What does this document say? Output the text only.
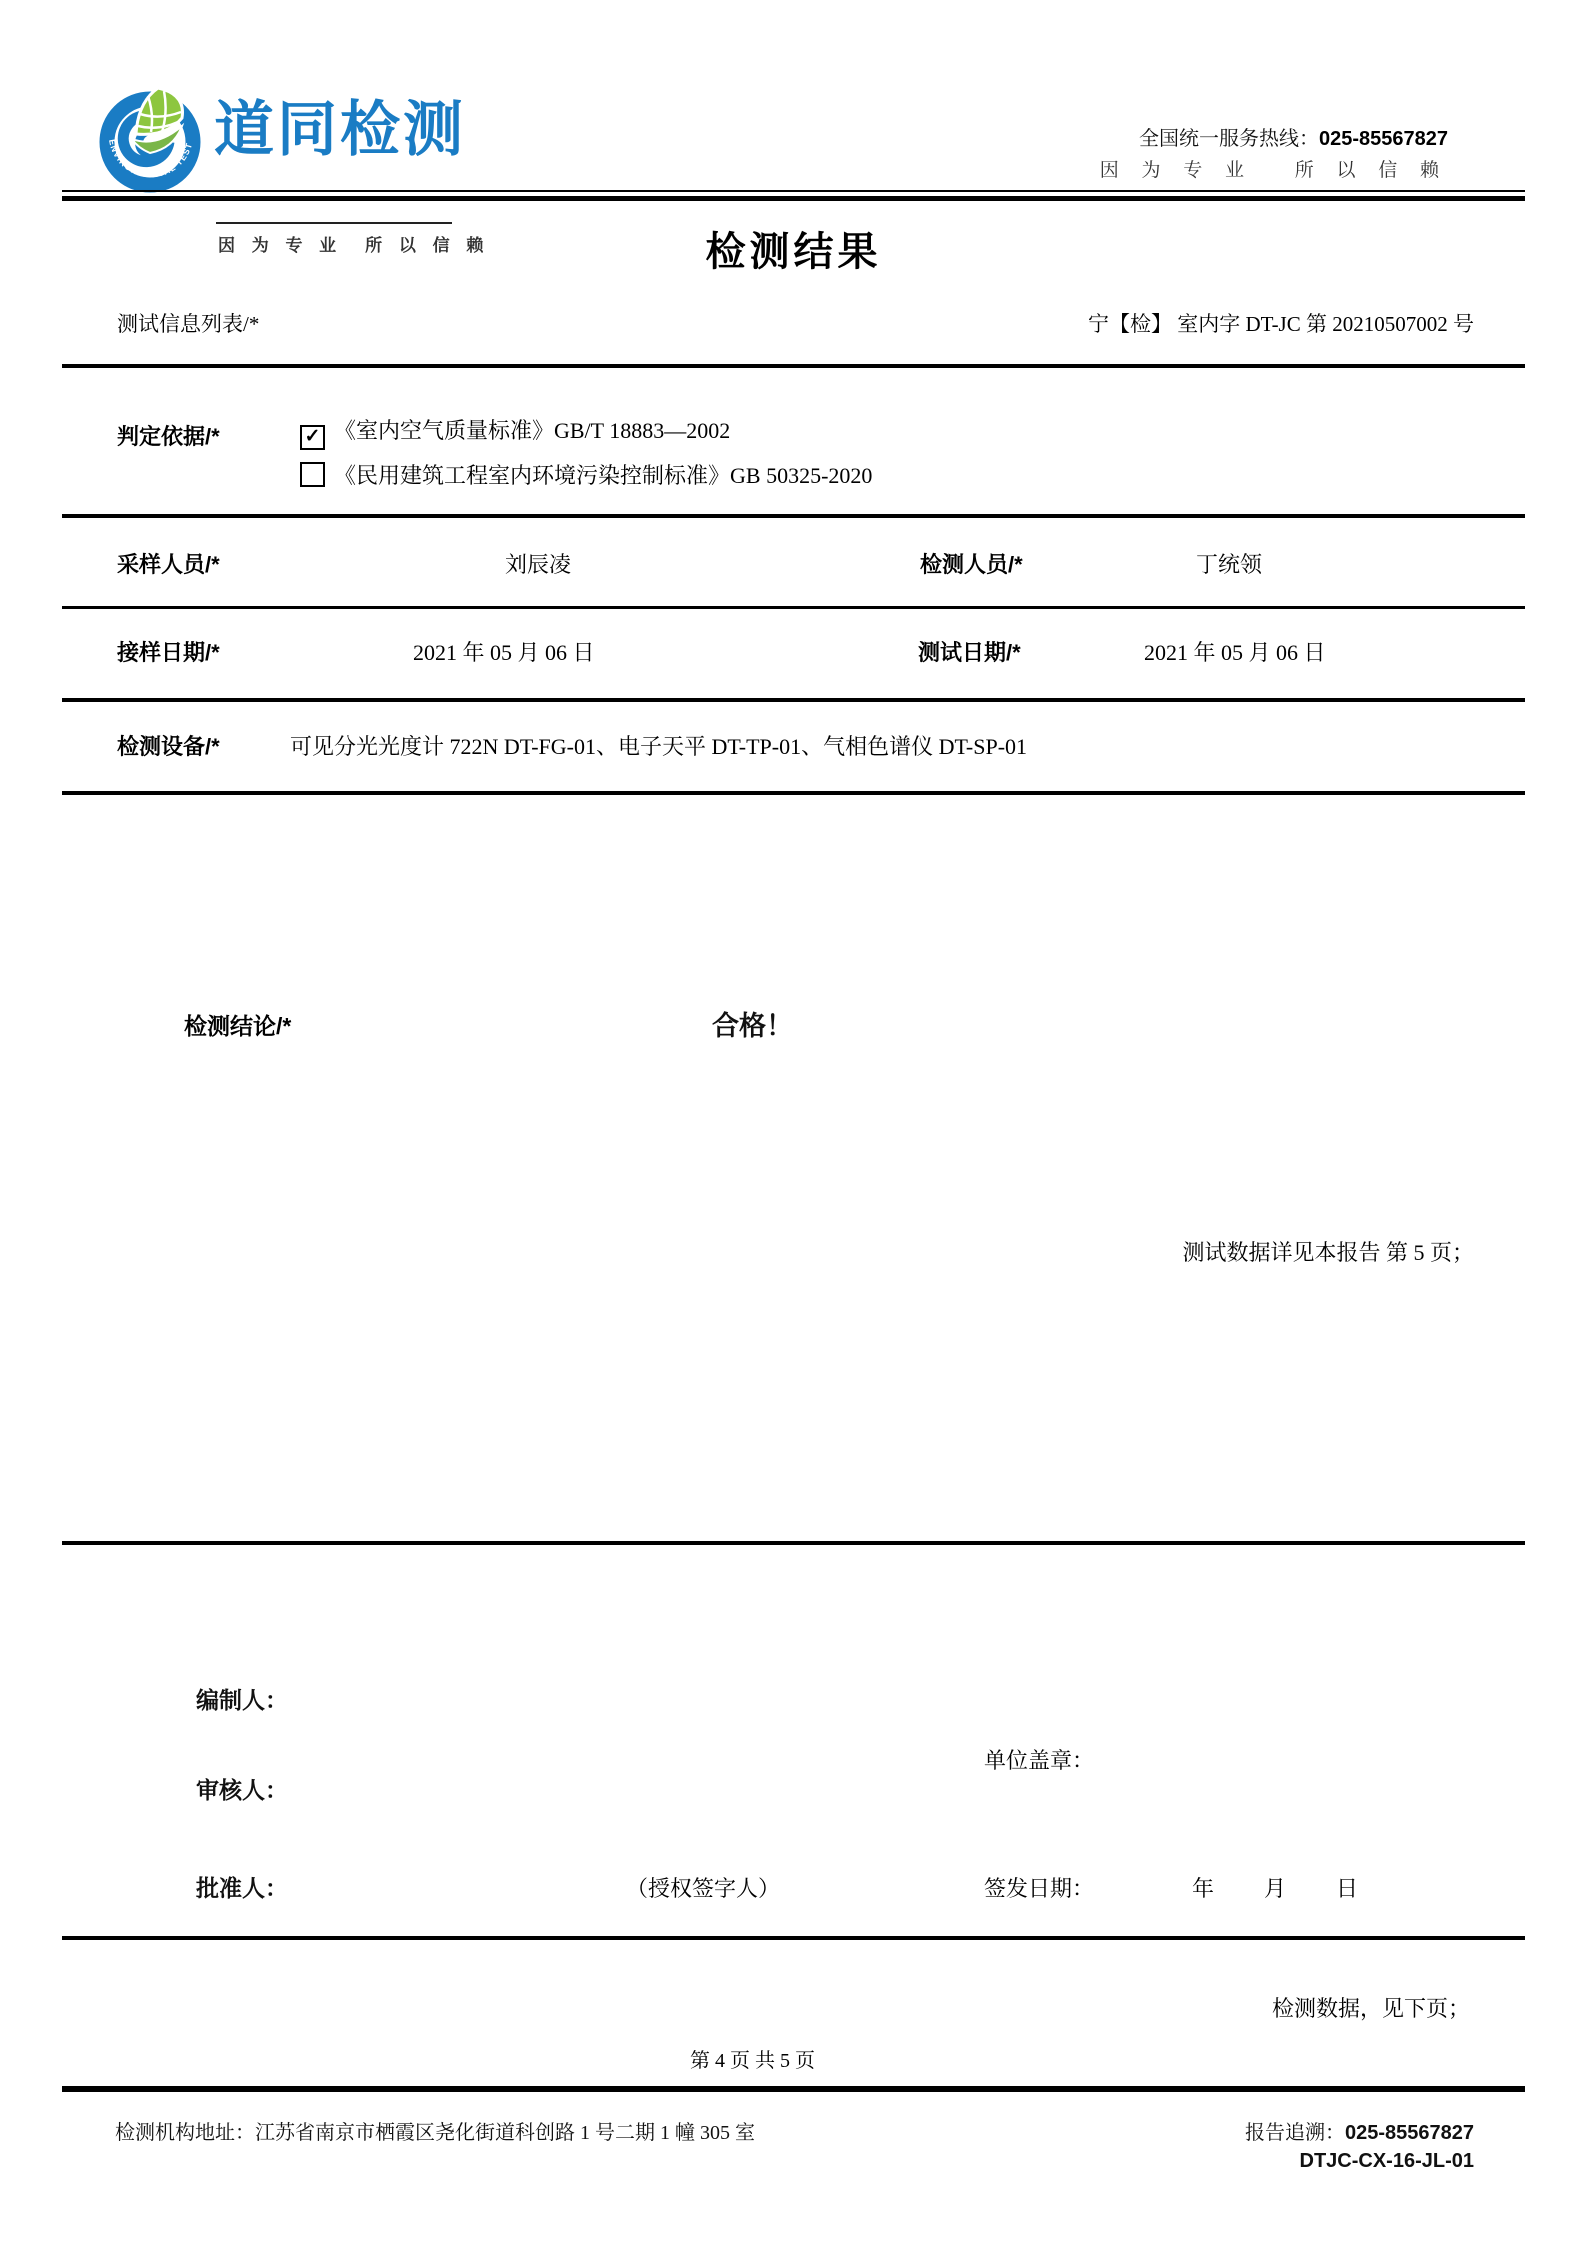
ENVIRONMENTAL TEST 道同检测
因 为 专 业　所 以 信 赖
全国统一服务热线：025-85567827
因 为 专 业　 所 以 信 赖
检测结果
测试信息列表/*	宁【检】 室内字 DT-JC 第 20210507002 号
判定依据/*	✓ 《室内空气质量标准》GB/T 18883—2002
《民用建筑工程室内环境污染控制标准》GB 50325-2020
采样人员/*	刘辰凌	检测人员/*	丁统领
接样日期/*	2021 年 05 月 06 日	测试日期/*	2021 年 05 月 06 日
检测设备/*	可见分光光度计 722N DT-FG-01、电子天平 DT-TP-01、气相色谱仪 DT-SP-01
检测结论/*	合格！
测试数据详见本报告 第 5 页；
编制人：
单位盖章：
审核人：
批准人：	（授权签字人）	签发日期：	年 月 日
检测数据，见下页；
第 4 页 共 5 页
检测机构地址：江苏省南京市栖霞区尧化街道科创路 1 号二期 1 幢 305 室	报告追溯：025-85567827
DTJC-CX-16-JL-01
